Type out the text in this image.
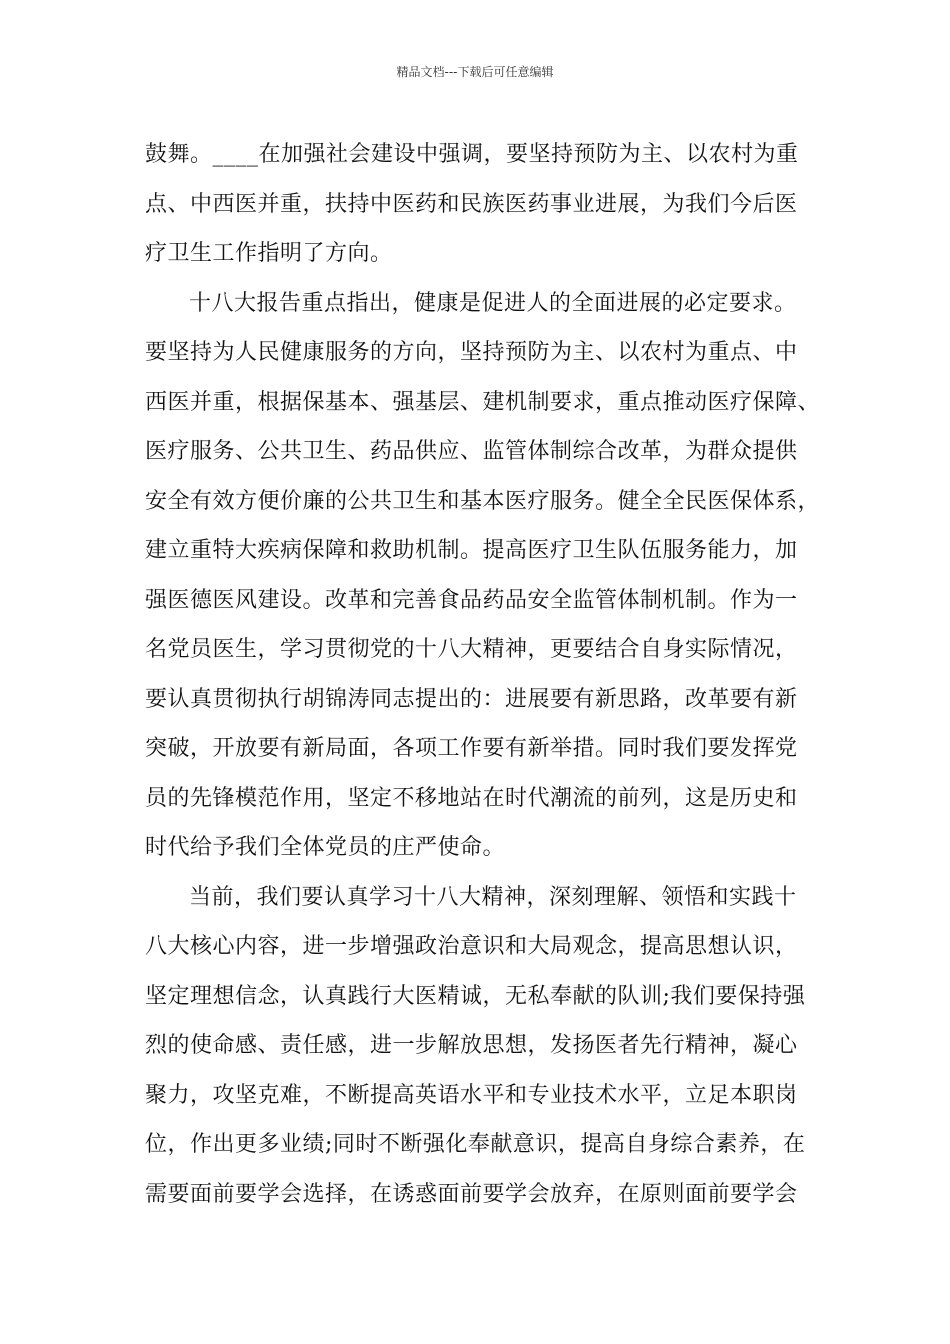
精品文档---下载后可任意编辑
鼓舞。____在加强社会建设中强调，要坚持预防为主、以农村为重
点、中西医并重，扶持中医药和民族医药事业进展，为我们今后医
疗卫生工作指明了方向。
十八大报告重点指出，健康是促进人的全面进展的必定要求。
要坚持为人民健康服务的方向，坚持预防为主、以农村为重点、中
西医并重，根据保基本、强基层、建机制要求，重点推动医疗保障、
医疗服务、公共卫生、药品供应、监管体制综合改革，为群众提供
安全有效方便价廉的公共卫生和基本医疗服务。健全全民医保体系，
建立重特大疾病保障和救助机制。提高医疗卫生队伍服务能力，加
强医德医风建设。改革和完善食品药品安全监管体制机制。作为一
名党员医生，学习贯彻党的十八大精神，更要结合自身实际情况，
要认真贯彻执行胡锦涛同志提出的：进展要有新思路，改革要有新
突破，开放要有新局面，各项工作要有新举措。同时我们要发挥党
员的先锋模范作用，坚定不移地站在时代潮流的前列，这是历史和
时代给予我们全体党员的庄严使命。
当前，我们要认真学习十八大精神，深刻理解、领悟和实践十
八大核心内容，进一步增强政治意识和大局观念，提高思想认识，
坚定理想信念，认真践行大医精诚，无私奉献的队训;我们要保持强
烈的使命感、责任感，进一步解放思想，发扬医者先行精神，凝心
聚力，攻坚克难，不断提高英语水平和专业技术水平，立足本职岗
位，作出更多业绩;同时不断强化奉献意识，提高自身综合素养，在
需要面前要学会选择，在诱惑面前要学会放弃，在原则面前要学会
